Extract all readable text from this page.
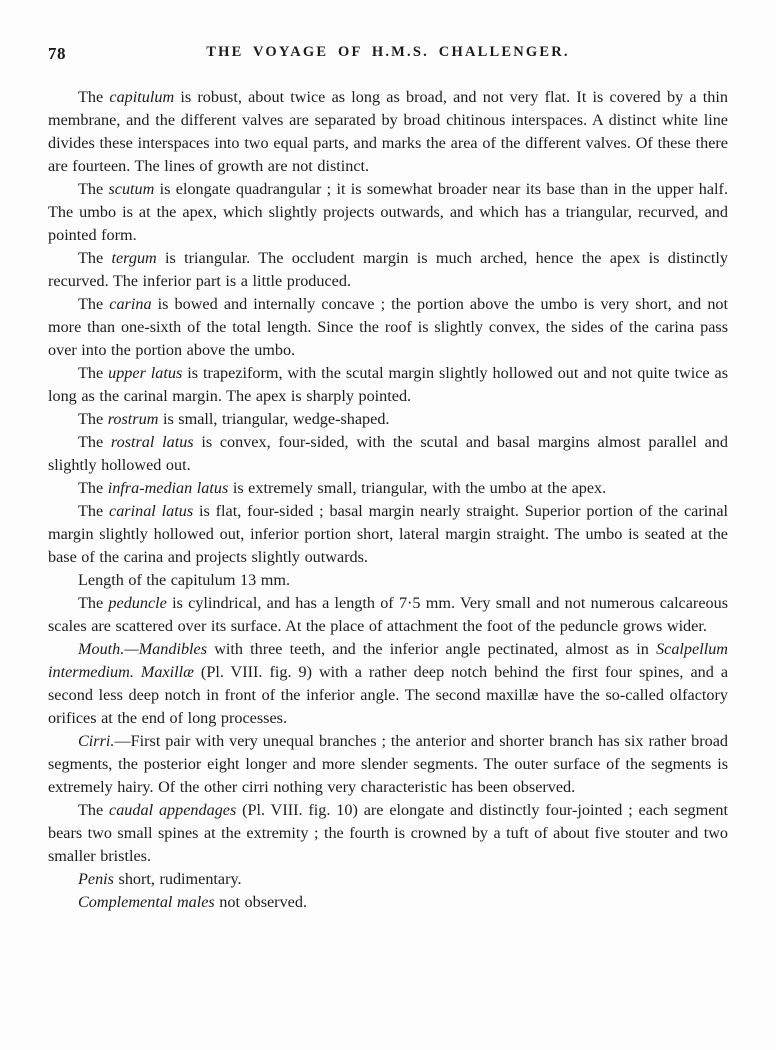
78	THE VOYAGE OF H.M.S. CHALLENGER.

The capitulum is robust, about twice as long as broad, and not very flat. It is covered by a thin membrane, and the different valves are separated by broad chitinous interspaces. A distinct white line divides these interspaces into two equal parts, and marks the area of the different valves. Of these there are fourteen. The lines of growth are not distinct.

The scutum is elongate quadrangular ; it is somewhat broader near its base than in the upper half. The umbo is at the apex, which slightly projects outwards, and which has a triangular, recurved, and pointed form.

The tergum is triangular. The occludent margin is much arched, hence the apex is distinctly recurved. The inferior part is a little produced.

The carina is bowed and internally concave ; the portion above the umbo is very short, and not more than one-sixth of the total length. Since the roof is slightly convex, the sides of the carina pass over into the portion above the umbo.

The upper latus is trapeziform, with the scutal margin slightly hollowed out and not quite twice as long as the carinal margin. The apex is sharply pointed.

The rostrum is small, triangular, wedge-shaped.

The rostral latus is convex, four-sided, with the scutal and basal margins almost parallel and slightly hollowed out.

The infra-median latus is extremely small, triangular, with the umbo at the apex.

The carinal latus is flat, four-sided ; basal margin nearly straight. Superior portion of the carinal margin slightly hollowed out, inferior portion short, lateral margin straight. The umbo is seated at the base of the carina and projects slightly outwards.

Length of the capitulum 13 mm.

The peduncle is cylindrical, and has a length of 7·5 mm. Very small and not numerous calcareous scales are scattered over its surface. At the place of attachment the foot of the peduncle grows wider.

Mouth.—Mandibles with three teeth, and the inferior angle pectinated, almost as in Scalpellum intermedium. Maxillæ (Pl. VIII. fig. 9) with a rather deep notch behind the first four spines, and a second less deep notch in front of the inferior angle. The second maxillæ have the so-called olfactory orifices at the end of long processes.

Cirri.—First pair with very unequal branches ; the anterior and shorter branch has six rather broad segments, the posterior eight longer and more slender segments. The outer surface of the segments is extremely hairy. Of the other cirri nothing very characteristic has been observed.

The caudal appendages (Pl. VIII. fig. 10) are elongate and distinctly four-jointed ; each segment bears two small spines at the extremity ; the fourth is crowned by a tuft of about five stouter and two smaller bristles.

Penis short, rudimentary.

Complemental males not observed.
